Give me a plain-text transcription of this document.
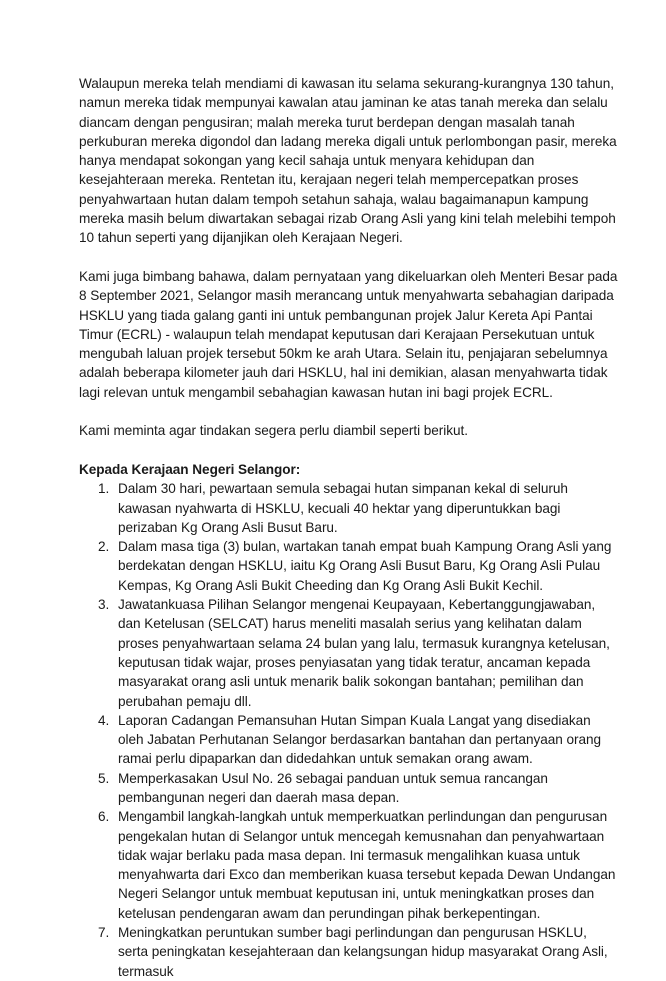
Walaupun mereka telah mendiami di kawasan itu selama sekurang-kurangnya 130 tahun, namun mereka tidak mempunyai kawalan atau jaminan ke atas tanah mereka dan selalu diancam dengan pengusiran; malah mereka turut berdepan dengan masalah tanah perkuburan mereka digondol dan ladang mereka digali untuk perlombongan pasir, mereka hanya mendapat sokongan yang kecil sahaja untuk menyara kehidupan dan kesejahteraan mereka. Rentetan itu, kerajaan negeri telah mempercepatkan proses penyahwartaan hutan dalam tempoh setahun sahaja, walau bagaimanapun kampung mereka masih belum diwartakan sebagai rizab Orang Asli yang kini telah melebihi tempoh 10 tahun seperti yang dijanjikan oleh Kerajaan Negeri.

Kami juga bimbang bahawa, dalam pernyataan yang dikeluarkan oleh Menteri Besar pada 8 September 2021, Selangor masih merancang untuk menyahwarta sebahagian daripada HSKLU yang tiada galang ganti ini untuk pembangunan projek Jalur Kereta Api Pantai Timur (ECRL) - walaupun telah mendapat keputusan dari Kerajaan Persekutuan untuk mengubah laluan projek tersebut 50km ke arah Utara. Selain itu, penjajaran sebelumnya adalah beberapa kilometer jauh dari HSKLU, hal ini demikian, alasan menyahwarta tidak lagi relevan untuk mengambil sebahagian kawasan hutan ini bagi projek ECRL.

Kami meminta agar tindakan segera perlu diambil seperti berikut.

Kepada Kerajaan Negeri Selangor:

1. Dalam 30 hari, pewartaan semula sebagai hutan simpanan kekal di seluruh kawasan nyahwarta di HSKLU, kecuali 40 hektar yang diperuntukkan bagi perizaban Kg Orang Asli Busut Baru.
2. Dalam masa tiga (3) bulan, wartakan tanah empat buah Kampung Orang Asli yang berdekatan dengan HSKLU, iaitu Kg Orang Asli Busut Baru, Kg Orang Asli Pulau Kempas, Kg Orang Asli Bukit Cheeding dan Kg Orang Asli Bukit Kechil.
3. Jawatankuasa Pilihan Selangor mengenai Keupayaan, Kebertanggungjawaban, dan Ketelusan (SELCAT) harus meneliti masalah serius yang kelihatan dalam proses penyahwartaan selama 24 bulan yang lalu, termasuk kurangnya ketelusan, keputusan tidak wajar, proses penyiasatan yang tidak teratur, ancaman kepada masyarakat orang asli untuk menarik balik sokongan bantahan; pemilihan dan perubahan pemaju dll.
4. Laporan Cadangan Pemansuhan Hutan Simpan Kuala Langat yang disediakan oleh Jabatan Perhutanan Selangor berdasarkan bantahan dan pertanyaan orang ramai perlu dipaparkan dan didedahkan untuk semakan orang awam.
5. Memperkasakan Usul No. 26 sebagai panduan untuk semua rancangan pembangunan negeri dan daerah masa depan.
6. Mengambil langkah-langkah untuk memperkuatkan perlindungan dan pengurusan pengekalan hutan di Selangor untuk mencegah kemusnahan dan penyahwartaan tidak wajar berlaku pada masa depan. Ini termasuk mengalihkan kuasa untuk menyahwarta dari Exco dan memberikan kuasa tersebut kepada Dewan Undangan Negeri Selangor untuk membuat keputusan ini, untuk meningkatkan proses dan ketelusan pendengaran awam dan perundingan pihak berkepentingan.
7. Meningkatkan peruntukan sumber bagi perlindungan dan pengurusan HSKLU, serta peningkatan kesejahteraan dan kelangsungan hidup masyarakat Orang Asli, termasuk
